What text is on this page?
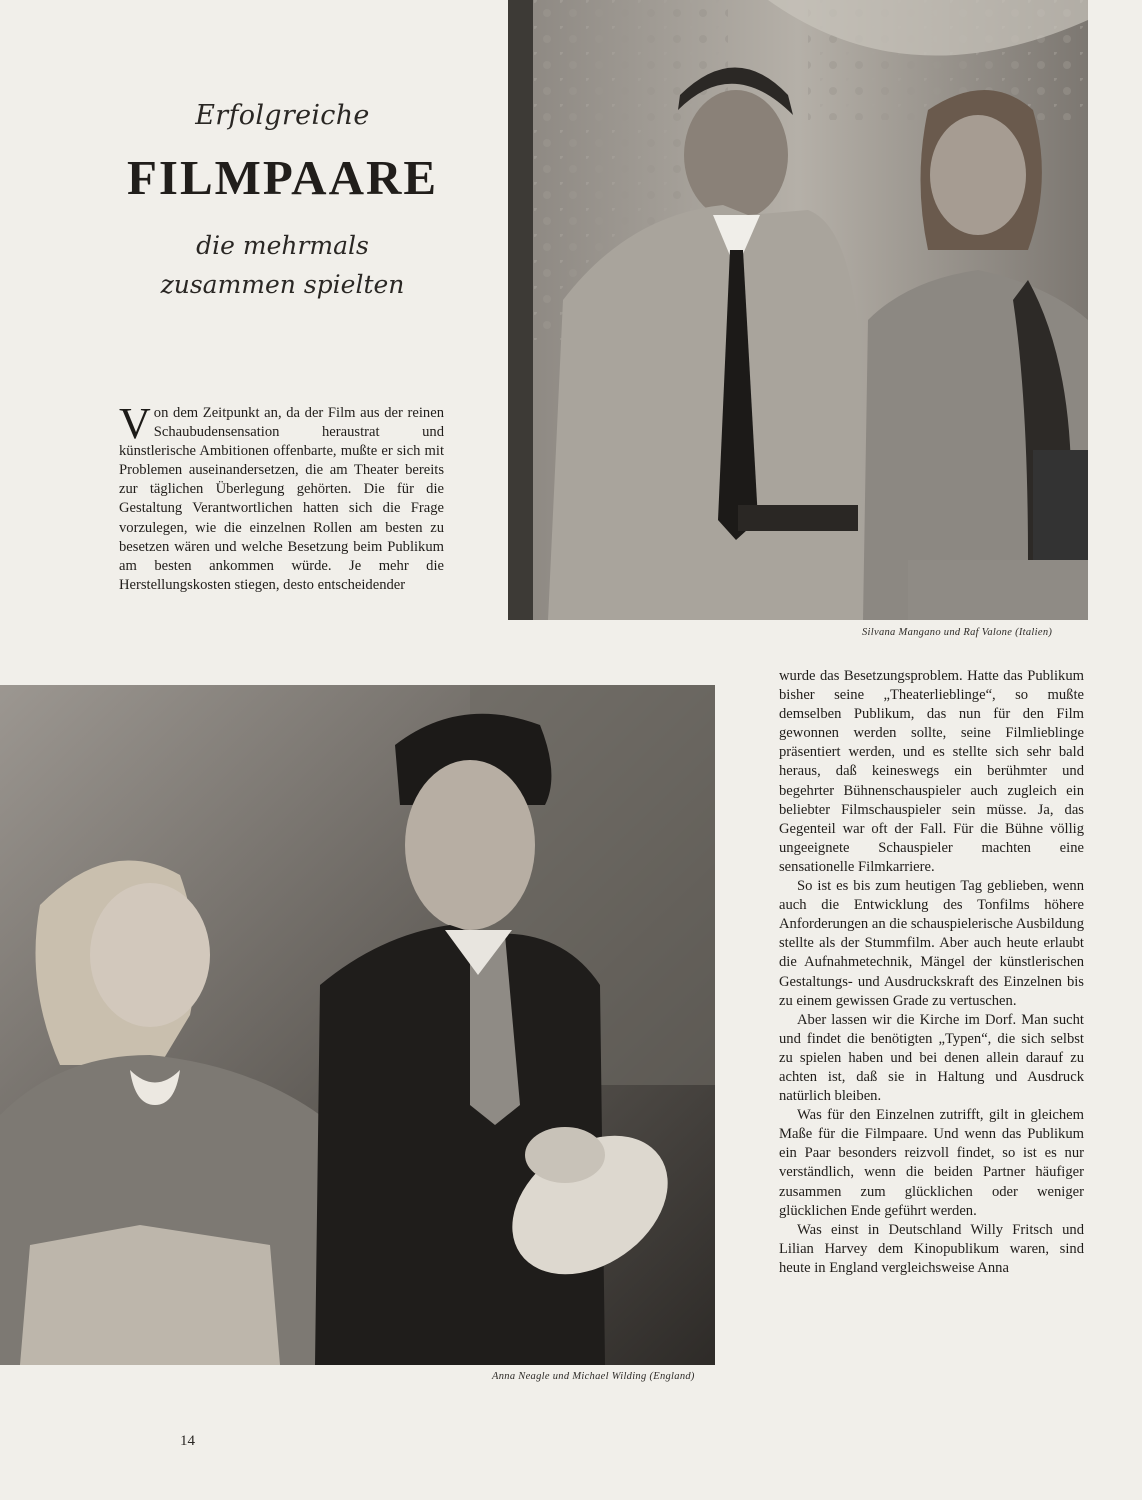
Erfolgreiche
FILMPAARE
die mehrmals
zusammen spielten
Silvana Mangano und Raf Valone (Italien)

Von dem Zeitpunkt an, da der Film aus der reinen Schaubudensensation heraustrat und künstlerische Ambitionen offenbarte, mußte er sich mit Problemen auseinandersetzen, die am Theater bereits zur täglichen Überlegung gehörten. Die für die Gestaltung Verantwortlichen hatten sich die Frage vorzulegen, wie die einzelnen Rollen am besten zu besetzen wären und welche Besetzung beim Publikum am besten ankommen würde. Je mehr die Herstellungskosten stiegen, desto entscheidender

Anna Neagle und Michael Wilding (England)

wurde das Besetzungsproblem. Hatte das Publikum bisher seine „Theaterlieblinge“, so mußte demselben Publikum, das nun für den Film gewonnen werden sollte, seine Filmlieblinge präsentiert werden, und es stellte sich sehr bald heraus, daß keineswegs ein berühmter und begehrter Bühnenschauspieler auch zugleich ein beliebter Filmschauspieler sein müsse. Ja, das Gegenteil war oft der Fall. Für die Bühne völlig ungeeignete Schauspieler machten eine sensationelle Filmkarriere.

So ist es bis zum heutigen Tag geblieben, wenn auch die Entwicklung des Tonfilms höhere Anforderungen an die schauspielerische Ausbildung stellte als der Stummfilm. Aber auch heute erlaubt die Aufnahmetechnik, Mängel der künstlerischen Gestaltungs- und Ausdruckskraft des Einzelnen bis zu einem gewissen Grade zu vertuschen.

Aber lassen wir die Kirche im Dorf. Man sucht und findet die benötigten „Typen“, die sich selbst zu spielen haben und bei denen allein darauf zu achten ist, daß sie in Haltung und Ausdruck natürlich bleiben.

Was für den Einzelnen zutrifft, gilt in gleichem Maße für die Filmpaare. Und wenn das Publikum ein Paar besonders reizvoll findet, so ist es nur verständlich, wenn die beiden Partner häufiger zusammen zum glücklichen oder weniger glücklichen Ende geführt werden.

Was einst in Deutschland Willy Fritsch und Lilian Harvey dem Kinopublikum waren, sind heute in England vergleichsweise Anna

14
